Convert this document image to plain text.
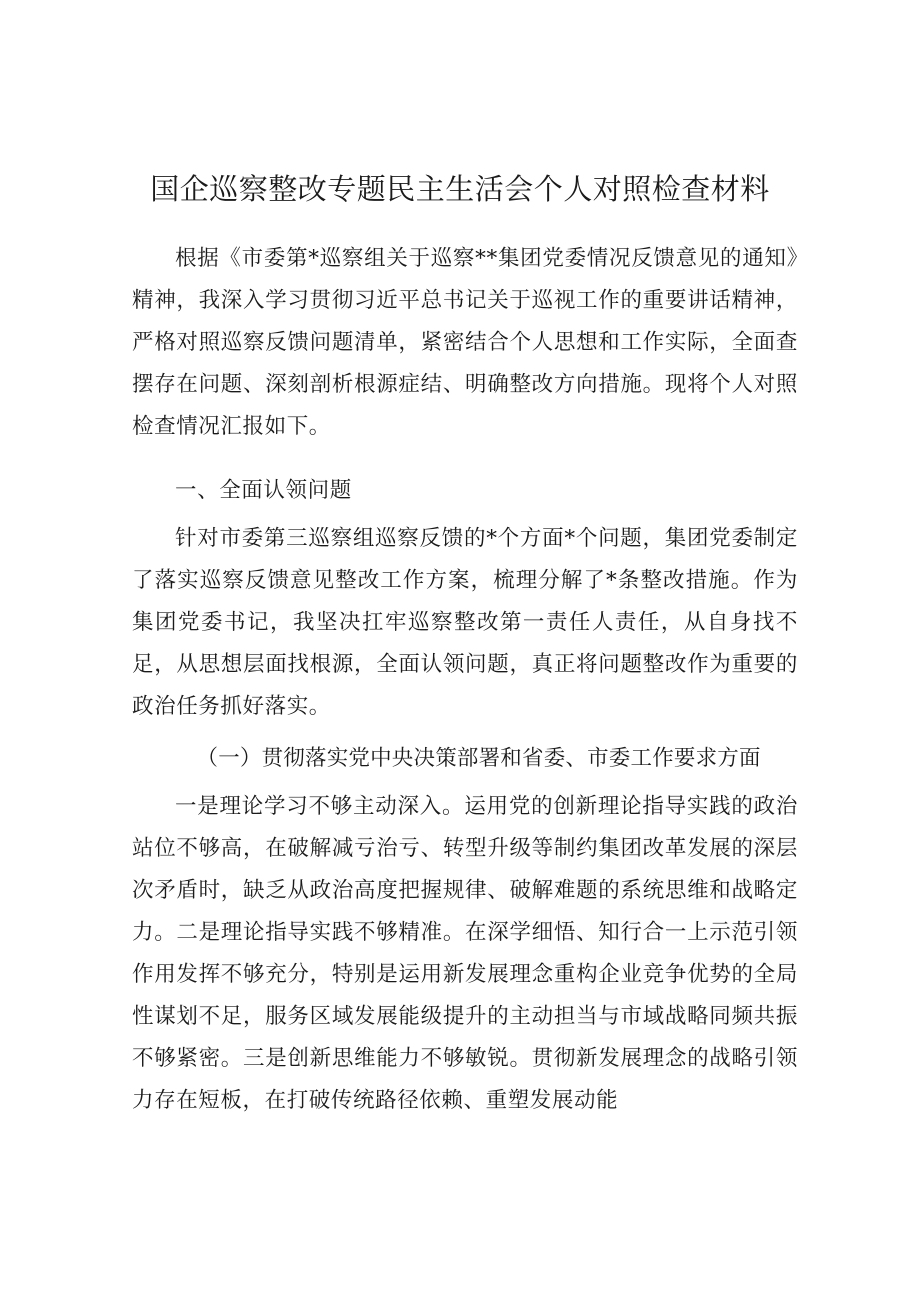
国企巡察整改专题民主生活会个人对照检查材料

根据《市委第*巡察组关于巡察**集团党委情况反馈意见的通知》精神，我深入学习贯彻习近平总书记关于巡视工作的重要讲话精神，严格对照巡察反馈问题清单，紧密结合个人思想和工作实际，全面查摆存在问题、深刻剖析根源症结、明确整改方向措施。现将个人对照检查情况汇报如下。

一、全面认领问题

针对市委第三巡察组巡察反馈的*个方面*个问题，集团党委制定了落实巡察反馈意见整改工作方案，梳理分解了*条整改措施。作为集团党委书记，我坚决扛牢巡察整改第一责任人责任，从自身找不足，从思想层面找根源，全面认领问题，真正将问题整改作为重要的政治任务抓好落实。

（一）贯彻落实党中央决策部署和省委、市委工作要求方面

一是理论学习不够主动深入。运用党的创新理论指导实践的政治站位不够高，在破解减亏治亏、转型升级等制约集团改革发展的深层次矛盾时，缺乏从政治高度把握规律、破解难题的系统思维和战略定力。二是理论指导实践不够精准。在深学细悟、知行合一上示范引领作用发挥不够充分，特别是运用新发展理念重构企业竞争优势的全局性谋划不足，服务区域发展能级提升的主动担当与市域战略同频共振不够紧密。三是创新思维能力不够敏锐。贯彻新发展理念的战略引领力存在短板，在打破传统路径依赖、重塑发展动能
